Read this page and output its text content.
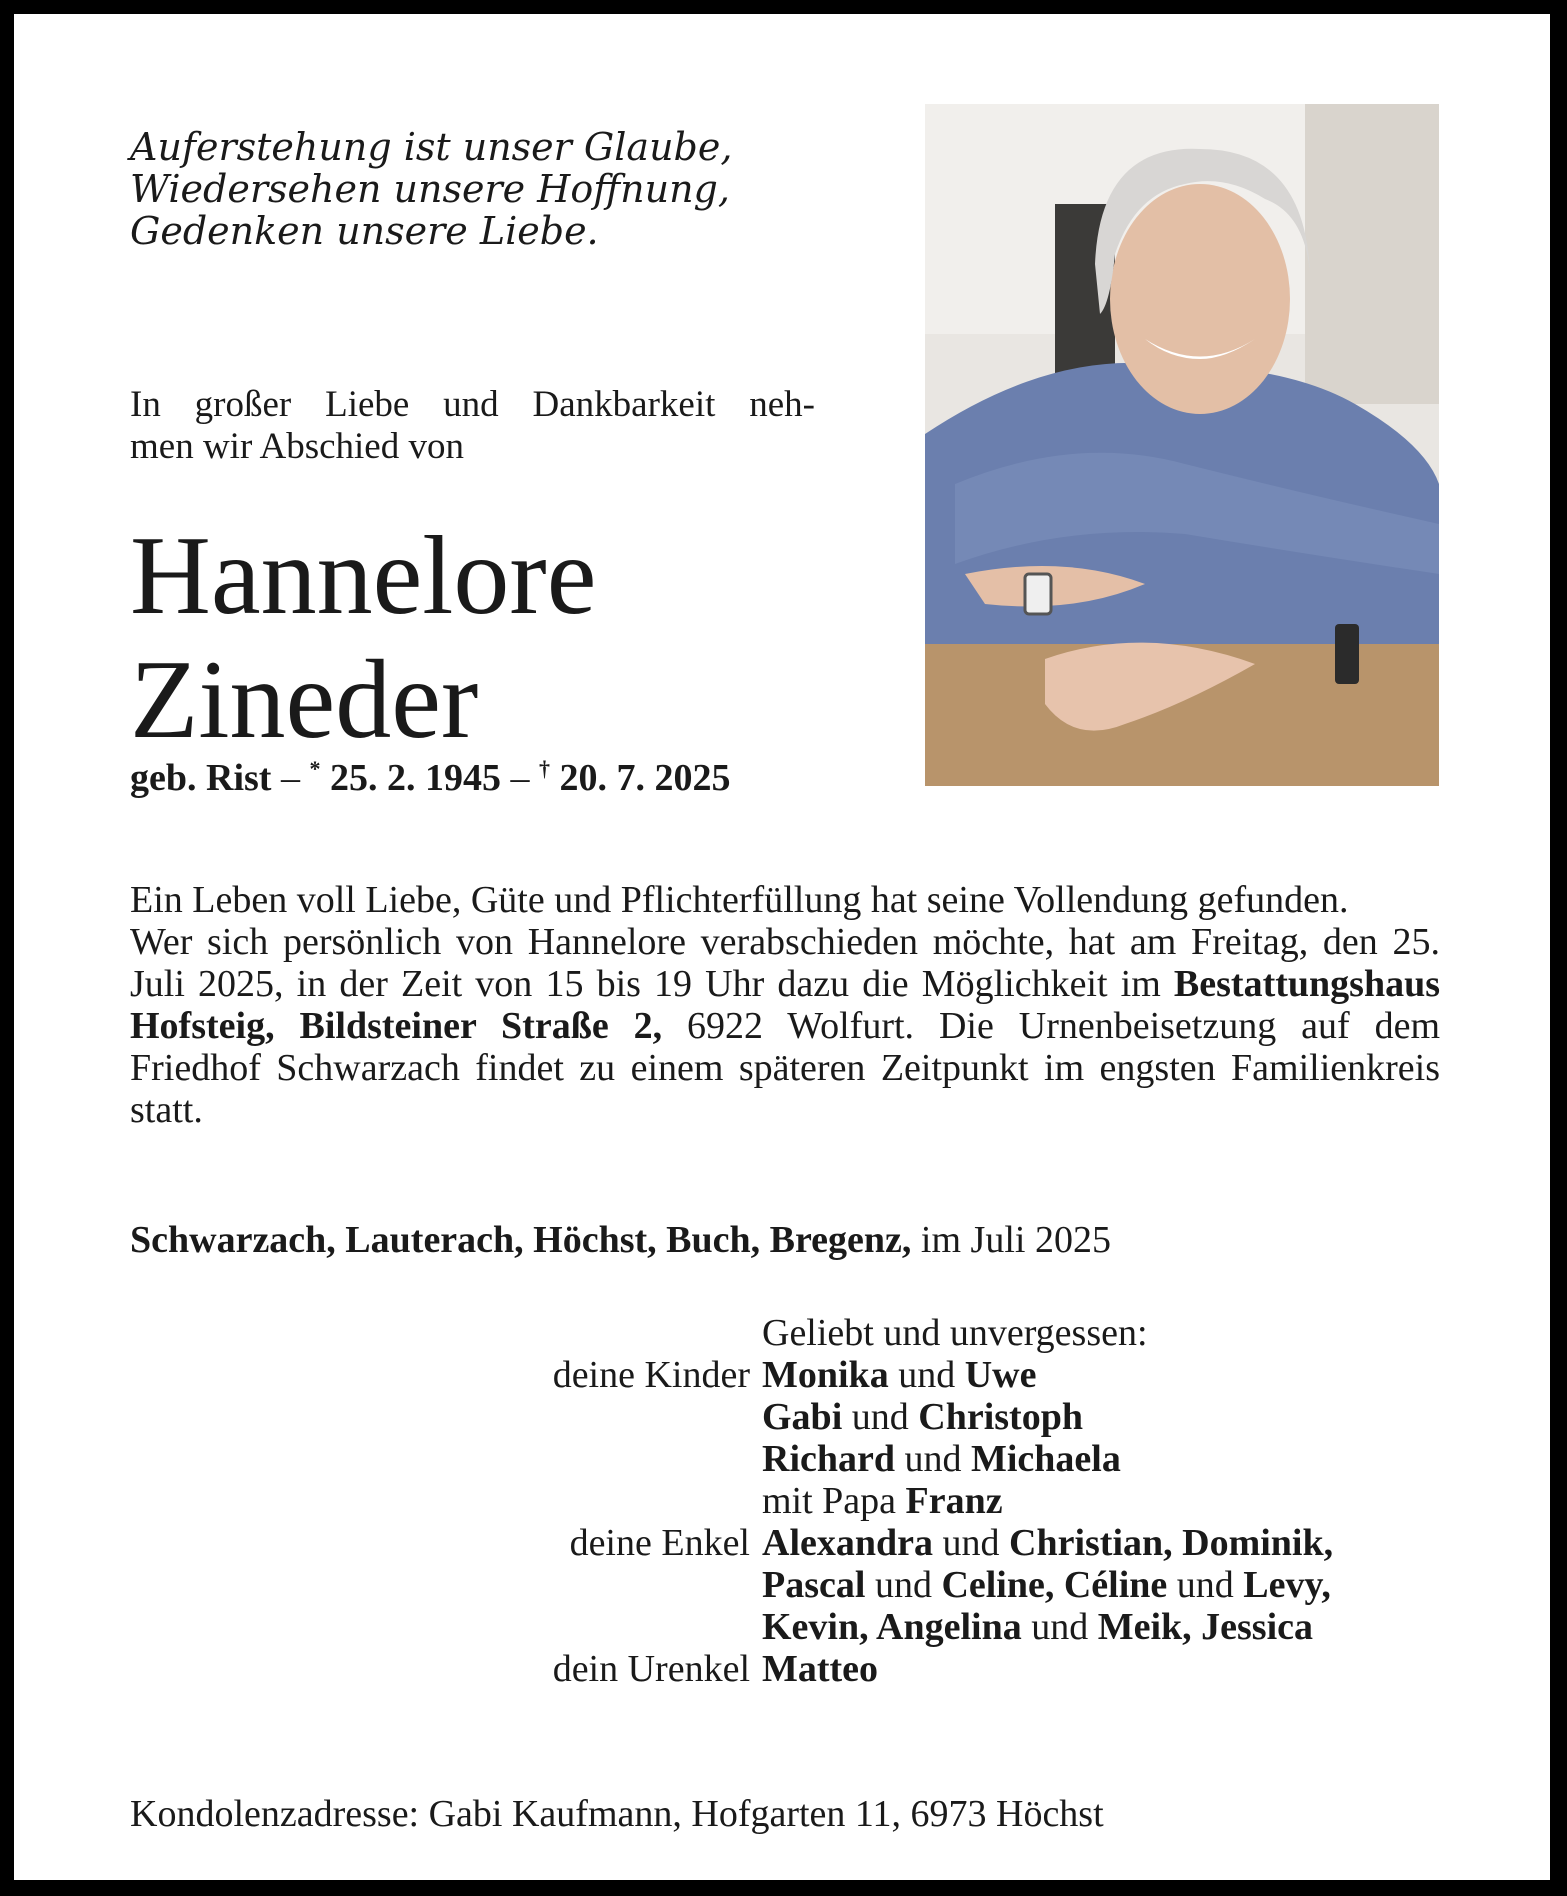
Auferstehung ist unser Glaube,
Wiedersehen unsere Hoffnung,
Gedenken unsere Liebe.
In großer Liebe und Dankbarkeit neh-
men wir Abschied von
Hannelore
Zineder
geb. Rist – * 25. 2. 1945 – † 20. 7. 2025

Ein Leben voll Liebe, Güte und Pflichterfüllung hat seine Vollendung gefunden.

Wer sich persönlich von Hannelore verabschieden möchte, hat am Freitag, den 25. Juli 2025, in der Zeit von 15 bis 19 Uhr dazu die Möglichkeit im Bestattungshaus Hofsteig, Bildsteiner Straße 2, 6922 Wolfurt. Die Urnenbeisetzung auf dem Friedhof Schwarzach findet zu einem späteren Zeitpunkt im engsten Familienkreis statt.

Schwarzach, Lauterach, Höchst, Buch, Bregenz, im Juli 2025
Geliebt und unvergessen:
deine Kinder Monika und Uwe
Gabi und Christoph
Richard und Michaela
mit Papa Franz
deine Enkel Alexandra und Christian, Dominik,
Pascal und Celine, Céline und Levy,
Kevin, Angelina und Meik, Jessica
dein Urenkel Matteo
Kondolenzadresse: Gabi Kaufmann, Hofgarten 11, 6973 Höchst
